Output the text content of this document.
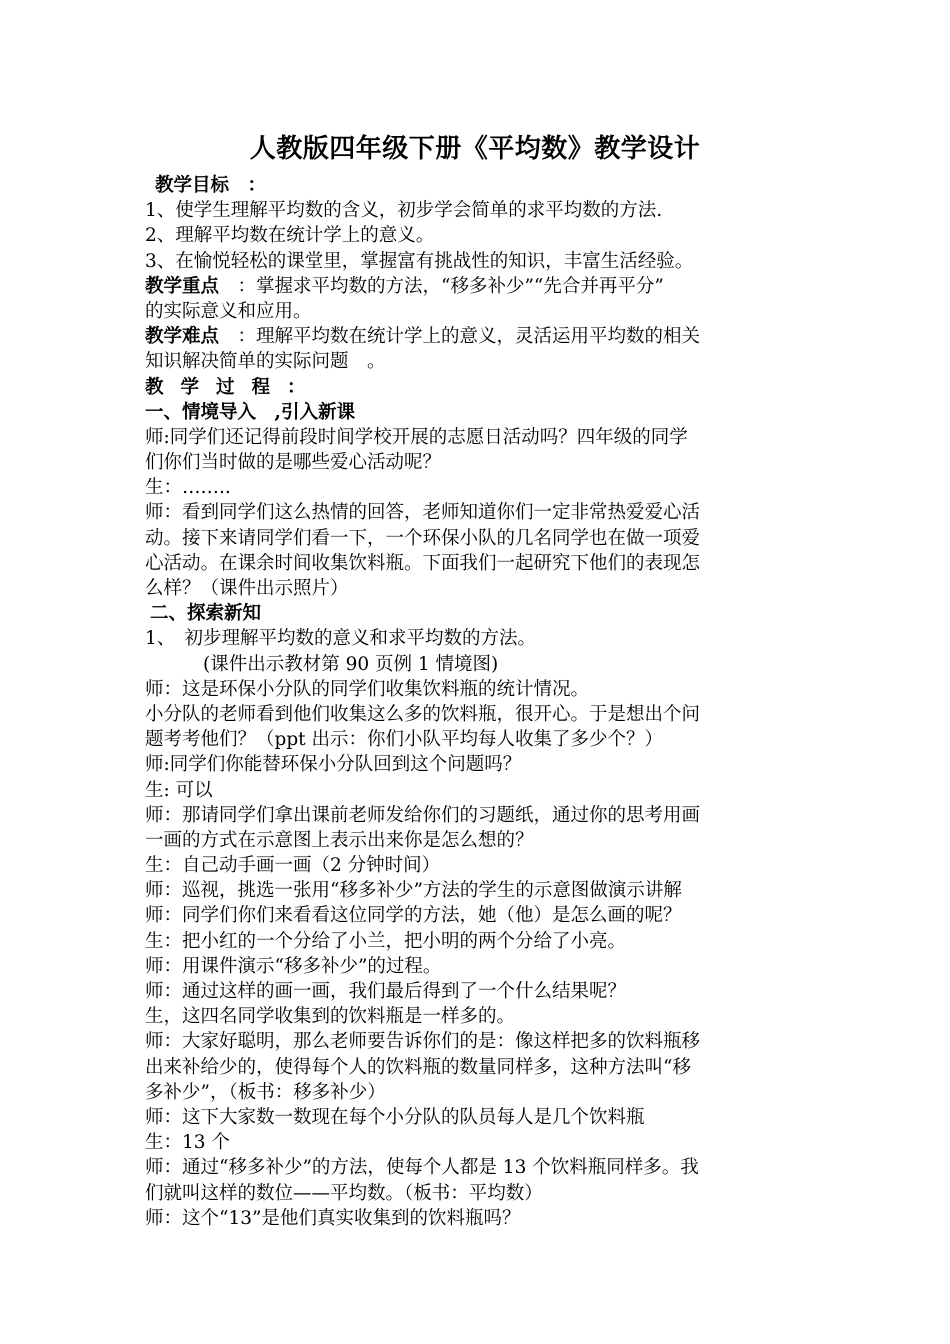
人教版四年级下册《平均数》教学设计
教学目标　：
1、使学生理解平均数的含义，初步学会简单的求平均数的方法.
2、理解平均数在统计学上的意义。
3、在愉悦轻松的课堂里，掌握富有挑战性的知识，丰富生活经验。
教学重点　：掌握求平均数的方法，“移多补少”“先合并再平分”
的实际意义和应用。
教学难点　：理解平均数在统计学上的意义，灵活运用平均数的相关
知识解决简单的实际问题　。
教学过程：
一、情境导入　,引入新课
师:同学们还记得前段时间学校开展的志愿日活动吗？四年级的同学
们你们当时做的是哪些爱心活动呢？
生：……..
师：看到同学们这么热情的回答，老师知道你们一定非常热爱爱心活
动。接下来请同学们看一下，一个环保小队的几名同学也在做一项爱
心活动。在课余时间收集饮料瓶。下面我们一起研究下他们的表现怎
么样？（课件出示照片）
二、探索新知
1、　初步理解平均数的意义和求平均数的方法。
(课件出示教材第 90 页例 1 情境图)
师：这是环保小分队的同学们收集饮料瓶的统计情况。
小分队的老师看到他们收集这么多的饮料瓶，很开心。于是想出个问
题考考他们？（ppt 出示：你们小队平均每人收集了多少个？）
师:同学们你能替环保小分队回到这个问题吗？
生: 可以
师：那请同学们拿出课前老师发给你们的习题纸，通过你的思考用画
一画的方式在示意图上表示出来你是怎么想的？
生：自己动手画一画（2 分钟时间）
师：巡视，挑选一张用“移多补少”方法的学生的示意图做演示讲解
师：同学们你们来看看这位同学的方法，她（他）是怎么画的呢？
生：把小红的一个分给了小兰，把小明的两个分给了小亮。
师：用课件演示“移多补少”的过程。
师：通过这样的画一画，我们最后得到了一个什么结果呢？
生，这四名同学收集到的饮料瓶是一样多的。
师：大家好聪明，那么老师要告诉你们的是：像这样把多的饮料瓶移
出来补给少的，使得每个人的饮料瓶的数量同样多，这种方法叫“移
多补少”，（板书：移多补少）
师：这下大家数一数现在每个小分队的队员每人是几个饮料瓶
生：13 个
师：通过“移多补少”的方法，使每个人都是 13 个饮料瓶同样多。我
们就叫这样的数位——平均数。（板书：平均数）
师：这个“13”是他们真实收集到的饮料瓶吗？
